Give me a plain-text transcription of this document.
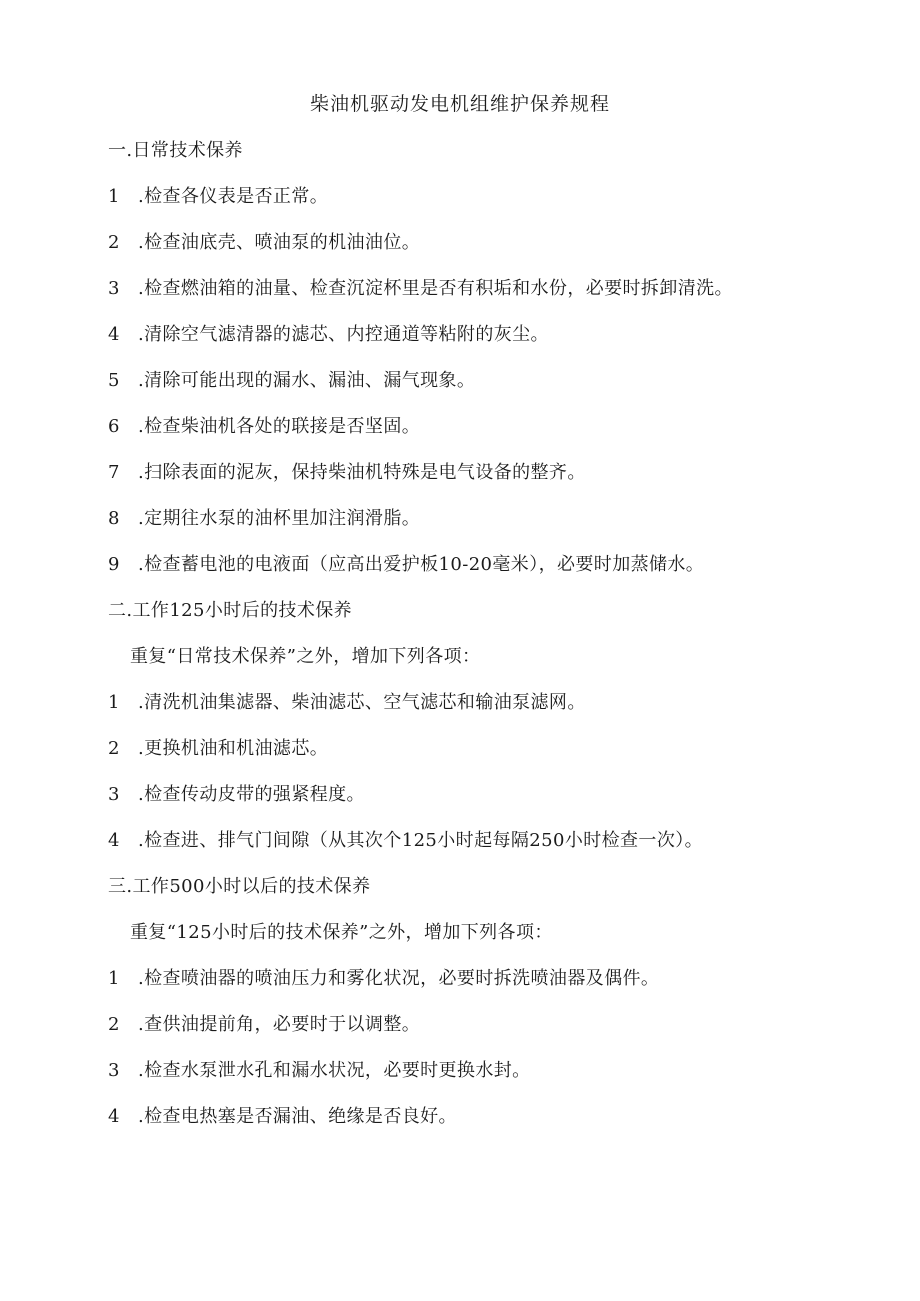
柴油机驱动发电机组维护保养规程
一.日常技术保养
1 .检查各仪表是否正常。
2 .检查油底壳、喷油泵的机油油位。
3 .检查燃油箱的油量、检查沉淀杯里是否有积垢和水份，必要时拆卸清洗。
4 .清除空气滤清器的滤芯、内控通道等粘附的灰尘。
5 .清除可能出现的漏水、漏油、漏气现象。
6 .检查柴油机各处的联接是否坚固。
7 .扫除表面的泥灰，保持柴油机特殊是电气设备的整齐。
8 .定期往水泵的油杯里加注润滑脂。
9 .检查蓄电池的电液面（应高出爱护板10-20毫米），必要时加蒸储水。
二.工作125小时后的技术保养
重复“日常技术保养”之外，增加下列各项：
1 .清洗机油集滤器、柴油滤芯、空气滤芯和输油泵滤网。
2 .更换机油和机油滤芯。
3 .检查传动皮带的强紧程度。
4 .检查进、排气门间隙（从其次个125小时起每隔250小时检查一次）。
三.工作500小时以后的技术保养
重复“125小时后的技术保养”之外，增加下列各项：
1 .检查喷油器的喷油压力和雾化状况，必要时拆洗喷油器及偶件。
2 .查供油提前角，必要时于以调整。
3 .检查水泵泄水孔和漏水状况，必要时更换水封。
4 .检查电热塞是否漏油、绝缘是否良好。
